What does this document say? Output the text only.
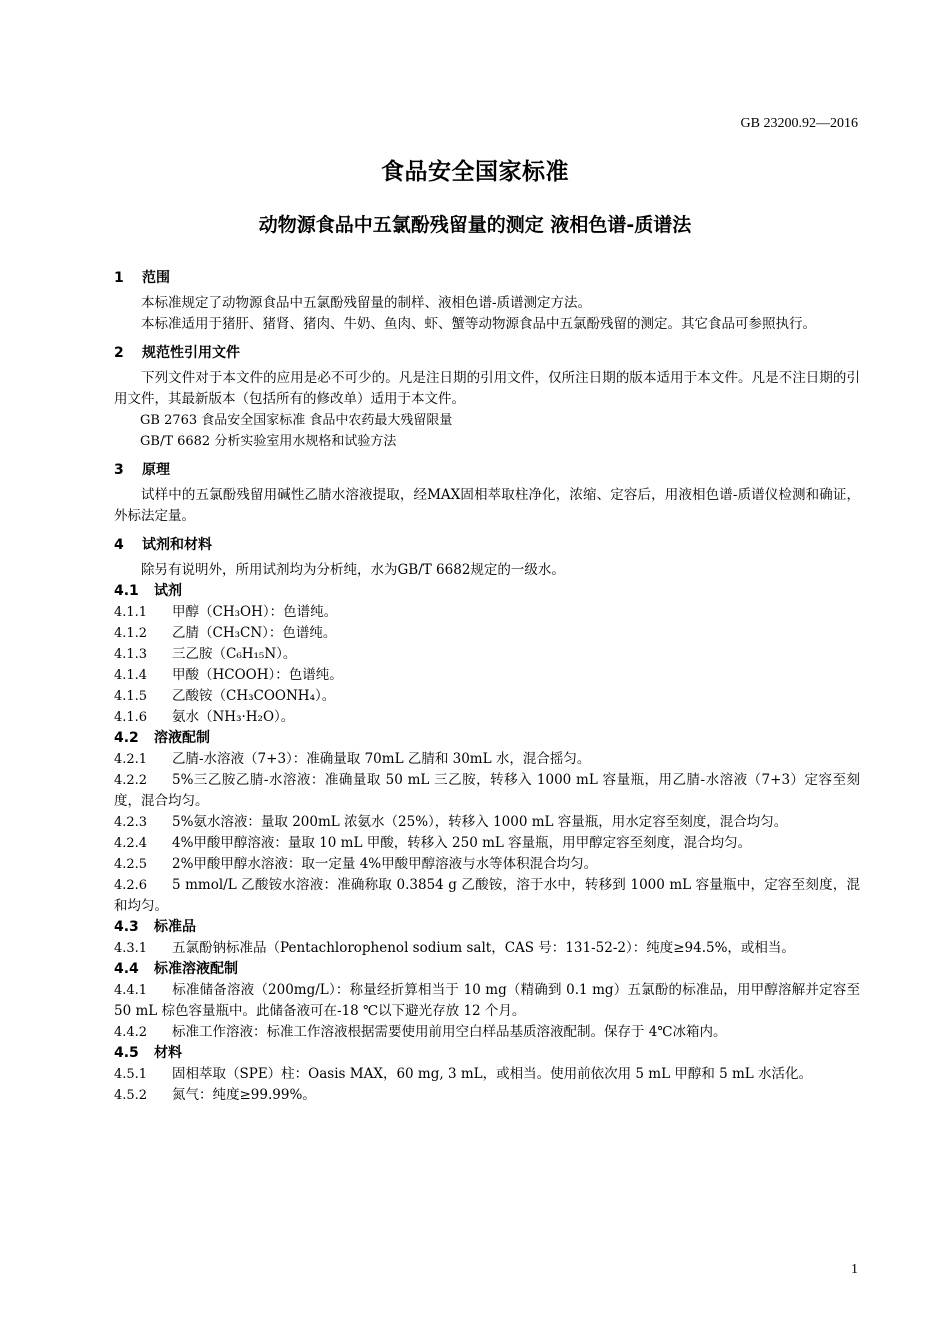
GB 23200.92—2016
食品安全国家标准
动物源食品中五氯酚残留量的测定 液相色谱-质谱法
1 范围

本标准规定了动物源食品中五氯酚残留量的制样、液相色谱-质谱测定方法。

本标准适用于猪肝、猪肾、猪肉、牛奶、鱼肉、虾、蟹等动物源食品中五氯酚残留的测定。其它食品可参照执行。

2 规范性引用文件

下列文件对于本文件的应用是必不可少的。凡是注日期的引用文件，仅所注日期的版本适用于本文件。凡是不注日期的引用文件，其最新版本（包括所有的修改单）适用于本文件。

GB 2763 食品安全国家标准 食品中农药最大残留限量

GB/T 6682 分析实验室用水规格和试验方法

3 原理

试样中的五氯酚残留用碱性乙腈水溶液提取，经MAX固相萃取柱净化，浓缩、定容后，用液相色谱-质谱仪检测和确证，外标法定量。

4 试剂和材料

除另有说明外，所用试剂均为分析纯，水为GB/T 6682规定的一级水。

4.1 试剂

4.1.1 甲醇（CH₃OH）：色谱纯。

4.1.2 乙腈（CH₃CN）：色谱纯。

4.1.3 三乙胺（C₆H₁₅N）。

4.1.4 甲酸（HCOOH）：色谱纯。

4.1.5 乙酸铵（CH₃COONH₄）。

4.1.6 氨水（NH₃·H₂O）。

4.2 溶液配制

4.2.1 乙腈-水溶液（7+3）：准确量取 70mL 乙腈和 30mL 水，混合摇匀。

4.2.2 5%三乙胺乙腈-水溶液：准确量取 50 mL 三乙胺，转移入 1000 mL 容量瓶，用乙腈-水溶液（7+3）定容至刻度，混合均匀。

4.2.3 5%氨水溶液：量取 200mL 浓氨水（25%），转移入 1000 mL 容量瓶，用水定容至刻度，混合均匀。

4.2.4 4%甲酸甲醇溶液：量取 10 mL 甲酸，转移入 250 mL 容量瓶，用甲醇定容至刻度，混合均匀。

4.2.5 2%甲酸甲醇水溶液：取一定量 4%甲酸甲醇溶液与水等体积混合均匀。

4.2.6 5 mmol/L 乙酸铵水溶液：准确称取 0.3854 g 乙酸铵，溶于水中，转移到 1000 mL 容量瓶中，定容至刻度，混和均匀。

4.3 标准品

4.3.1 五氯酚钠标准品（Pentachlorophenol sodium salt，CAS 号：131-52-2）：纯度≥94.5%，或相当。

4.4 标准溶液配制

4.4.1 标准储备溶液（200mg/L）：称量经折算相当于 10 mg（精确到 0.1 mg）五氯酚的标准品，用甲醇溶解并定容至 50 mL 棕色容量瓶中。此储备液可在-18 ℃以下避光存放 12 个月。

4.4.2 标准工作溶液：标准工作溶液根据需要使用前用空白样品基质溶液配制。保存于 4℃冰箱内。

4.5 材料

4.5.1 固相萃取（SPE）柱：Oasis MAX，60 mg, 3 mL，或相当。使用前依次用 5 mL 甲醇和 5 mL 水活化。

4.5.2 氮气：纯度≥99.99%。

1
